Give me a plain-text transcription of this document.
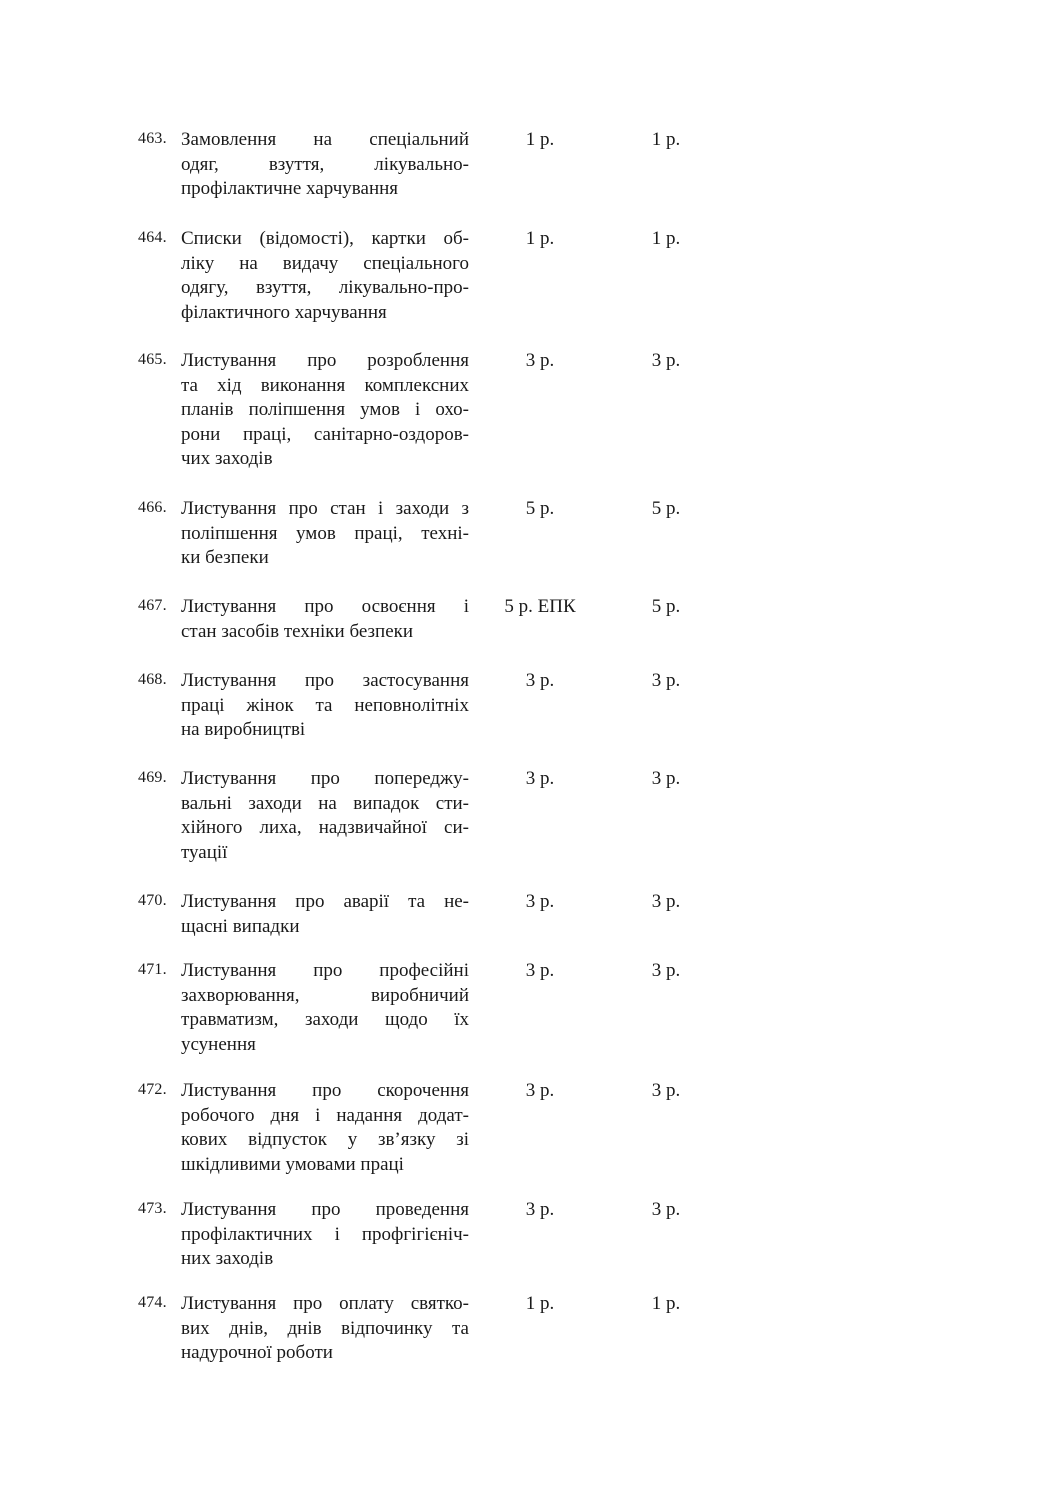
463. Замовлення на спеціальний
одяг, взуття, лікувально-
профілактичне харчування
1 р.	1 р.
464. Списки (відомості), картки об-
ліку на видачу спеціального
одягу, взуття, лікувально-про-
філактичного харчування
1 р.	1 р.
465. Листування про розроблення
та хід виконання комплексних
планів поліпшення умов і охо-
рони праці, санітарно-оздоров-
чих заходів
3 р.	3 р.
466. Листування про стан і заходи з
поліпшення умов праці, техні-
ки безпеки
5 р.	5 р.
467. Листування про освоєння і
стан засобів техніки безпеки
5 р. ЕПК	5 р.
468. Листування про застосування
праці жінок та неповнолітніх
на виробництві
3 р.	3 р.
469. Листування про попереджу-
вальні заходи на випадок сти-
хійного лиха, надзвичайної си-
туації
3 р.	3 р.
470. Листування про аварії та не-
щасні випадки
3 р.	3 р.
471. Листування про професійні
захворювання, виробничий
травматизм, заходи щодо їх
усунення
3 р.	3 р.
472. Листування про скорочення
робочого дня і надання додат-
кових відпусток у зв’язку зі
шкідливими умовами праці
3 р.	3 р.
473. Листування про проведення
профілактичних і профгігієніч-
них заходів
3 р.	3 р.
474. Листування про оплату святко-
вих днів, днів відпочинку та
надурочної роботи
1 р.	1 р.
